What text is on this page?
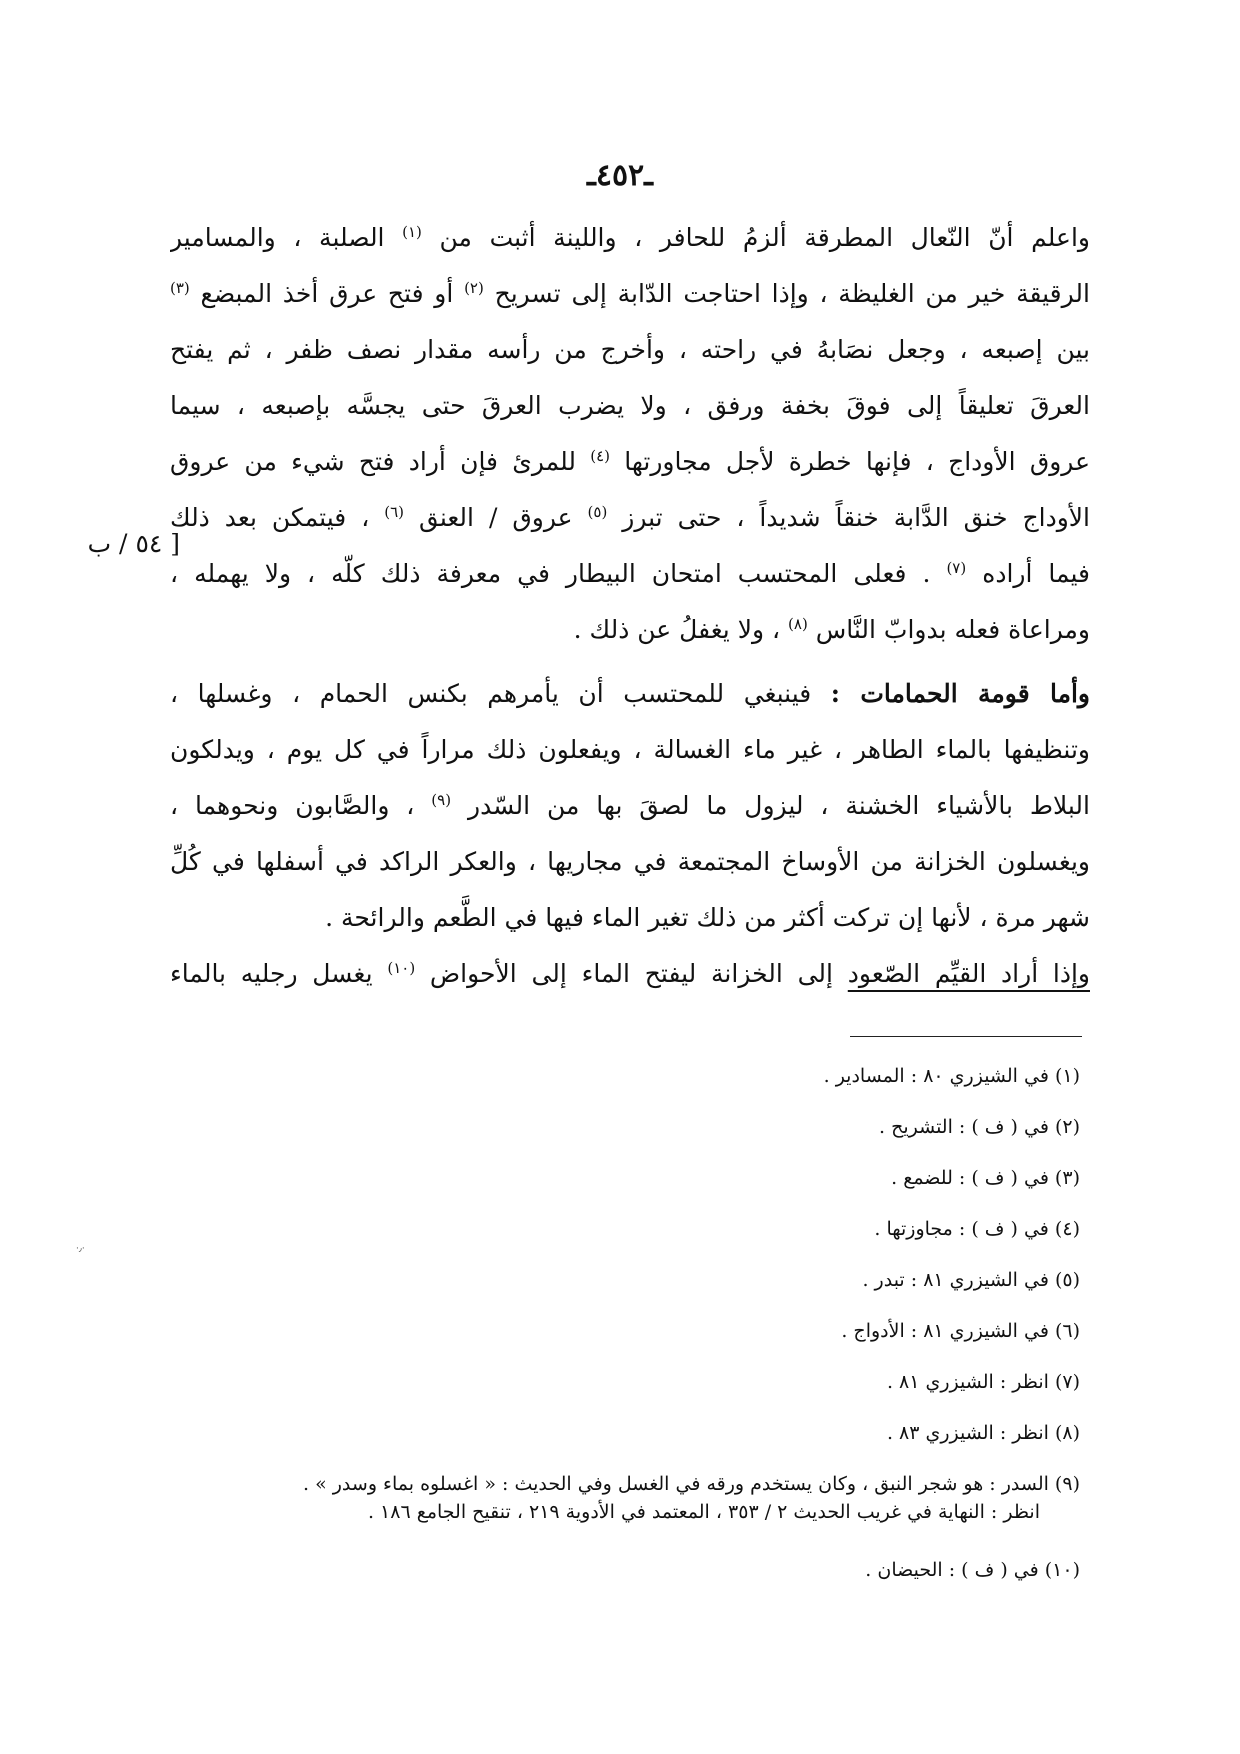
ـ٤٥٢ـ
واعلم أنّ النّعال المطرقة ألزمُ للحافر ، واللينة أثبت من $^{(١)}$ الصلبة ، والمسامير
الرقيقة خير من الغليظة ، وإذا احتاجت الدّابة إلى تسريح $^{(٢)}$ أو فتح عرق أخذ المبضع $^{(٣)}$
بين إصبعه ، وجعل نصَابهُ في راحته ، وأخرج من رأسه مقدار نصف ظفر ، ثم يفتح
العرقَ تعليقاً إلى فوقَ بخفة ورفق ، ولا يضرب العرقَ حتى يجسَّه بإصبعه ، سيما
عروق الأوداج ، فإنها خطرة لأجل مجاورتها $^{(٤)}$ للمرئ فإن أراد فتح شيء من عروق
الأوداج خنق الدَّابة خنقاً شديداً ، حتى تبرز $^{(٥)}$ عروق / العنق $^{(٦)}$ ، فيتمكن بعد ذلك
فيما أراده $^{(٧)}$ . فعلى المحتسب امتحان البيطار في معرفة ذلك كلّه ، ولا يهمله ،
ومراعاة فعله بدوابّ النَّاس $^{(٨)}$ ، ولا يغفلُ عن ذلك .
وأما قومة الحمامات : فينبغي للمحتسب أن يأمرهم بكنس الحمام ، وغسلها ،
وتنظيفها بالماء الطاهر ، غير ماء الغسالة ، ويفعلون ذلك مراراً في كل يوم ، ويدلكون
البلاط بالأشياء الخشنة ، ليزول ما لصقَ بها من السّدر $^{(٩)}$ ، والصَّابون ونحوهما ،
ويغسلون الخزانة من الأوساخ المجتمعة في مجاريها ، والعكر الراكد في أسفلها في كُلِّ
شهر مرة ، لأنها إن تركت أكثر من ذلك تغير الماء فيها في الطَّعم والرائحة .
وإذا أراد القيِّم الصّعود إلى الخزانة ليفتح الماء إلى الأحواض $^{(١٠)}$ يغسل رجليه بالماء
[ ٥٤ / ب
(١) في الشيزري ٨٠ : المسادير .
(٢) في ( ف ) : التشريح .
(٣) في ( ف ) : للضمع .
(٤) في ( ف ) : مجاوزتها .
(٥) في الشيزري ٨١ : تبدر .
(٦) في الشيزري ٨١ : الأدواج .
(٧) انظر : الشيزري ٨١ .
(٨) انظر : الشيزري ٨٣ .
(٩) السدر : هو شجر النبق ، وكان يستخدم ورقه في الغسل وفي الحديث : « اغسلوه بماء وسدر » .
انظر : النهاية في غريب الحديث ٢ / ٣٥٣ ، المعتمد في الأدوية ٢١٩ ، تنقيح الجامع ١٨٦ .
(١٠) في ( ف ) : الحيضان .
·٫·
